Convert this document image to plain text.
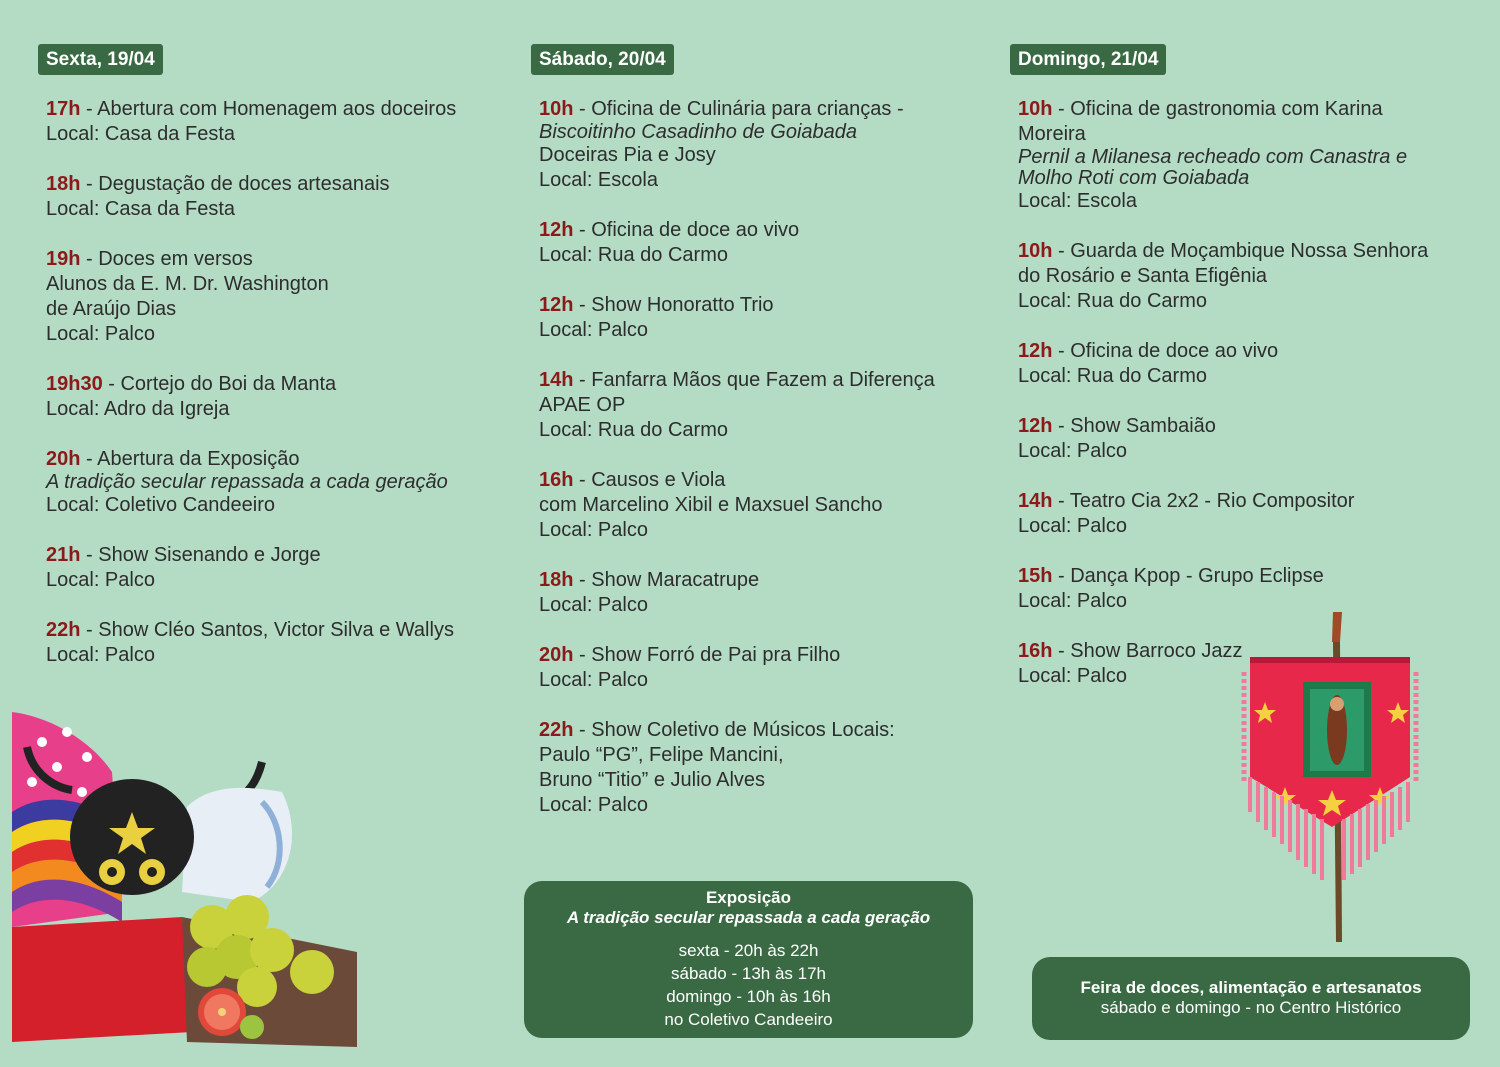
Sexta, 19/04

17h - Abertura com Homenagem aos doceiros
Local: Casa da Festa
18h - Degustação de doces artesanais
Local: Casa da Festa
19h - Doces em versos
Alunos da E. M. Dr. Washington
de Araújo Dias
Local: Palco
19h30 - Cortejo do Boi da Manta
Local: Adro da Igreja
20h - Abertura da Exposição
A tradição secular repassada a cada geração
Local: Coletivo Candeeiro
21h - Show Sisenando e Jorge
Local: Palco
22h - Show Cléo Santos, Victor Silva e Wallys
Local: Palco
Sábado, 20/04

10h - Oficina de Culinária para crianças -
Biscoitinho Casadinho de Goiabada
Doceiras Pia e Josy
Local: Escola
12h - Oficina de doce ao vivo
Local: Rua do Carmo
12h - Show Honoratto Trio
Local: Palco
14h - Fanfarra Mãos que Fazem a Diferença
APAE OP
Local: Rua do Carmo
16h - Causos e Viola
com Marcelino Xibil e Maxsuel Sancho
Local: Palco
18h - Show Maracatrupe
Local: Palco
20h - Show Forró de Pai pra Filho
Local: Palco
22h - Show Coletivo de Músicos Locais:
Paulo “PG”, Felipe Mancini,
Bruno “Titio” e Julio Alves
Local: Palco
Domingo, 21/04

10h - Oficina de gastronomia com Karina
Moreira
Pernil a Milanesa recheado com Canastra e
Molho Roti com Goiabada
Local: Escola
10h - Guarda de Moçambique Nossa Senhora
do Rosário e Santa Efigênia
Local: Rua do Carmo
12h - Oficina de doce ao vivo
Local: Rua do Carmo
12h - Show Sambaião
Local: Palco
14h - Teatro Cia 2x2 - Rio Compositor
Local: Palco
15h - Dança Kpop - Grupo Eclipse
Local: Palco
16h - Show Barroco Jazz
Local: Palco
Exposição
A tradição secular repassada a cada geração
sexta - 20h às 22h
sábado - 13h às 17h
domingo - 10h às 16h
no Coletivo Candeeiro
Feira de doces, alimentação e artesanatos
sábado e domingo - no Centro Histórico
